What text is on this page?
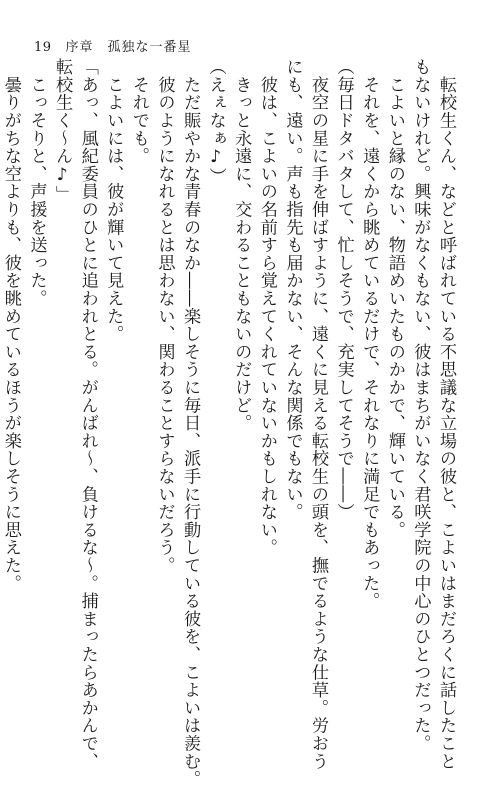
19 序章　孤独な一番星
　転校生くん、などと呼ばれている不思議な立場の彼と、こよいはまだろくに話したこと
もないけれど。興味がなくもない、彼はまちがいなく君咲学院の中心のひとつだった。
　こよいと縁のない、物語めいたものかかで、輝いている。
　それを、遠くから眺めているだけで、それなりに満足でもあった。
（毎日ドタバタして、忙しそうで、充実してそうで――）
　夜空の星に手を伸ばすように、遠くに見える転校生の頭を、撫でるような仕草。労おう
にも、遠い。声も指先も届かない、そんな関係でもない。
　彼は、こよいの名前すら覚えてくれていないかもしれない。
　きっと永遠に、交わることもないのだけど。
（えぇなぁ♪）
　ただ賑やかな青春のなか――楽しそうに毎日、派手に行動している彼を、こよいは羨む。
　彼のようになれるとは思わない、関わることすらないだろう。
　それでも。
　こよいには、彼が輝いて見えた。
「あっ、風紀委員のひとに追われとる。がんばれ〜、負けるな〜。捕まったらあかんで、
転校生く〜ん♪」
　こっそりと、声援を送った。
　曇りがちな空よりも、彼を眺めているほうが楽しそうに思えた。
